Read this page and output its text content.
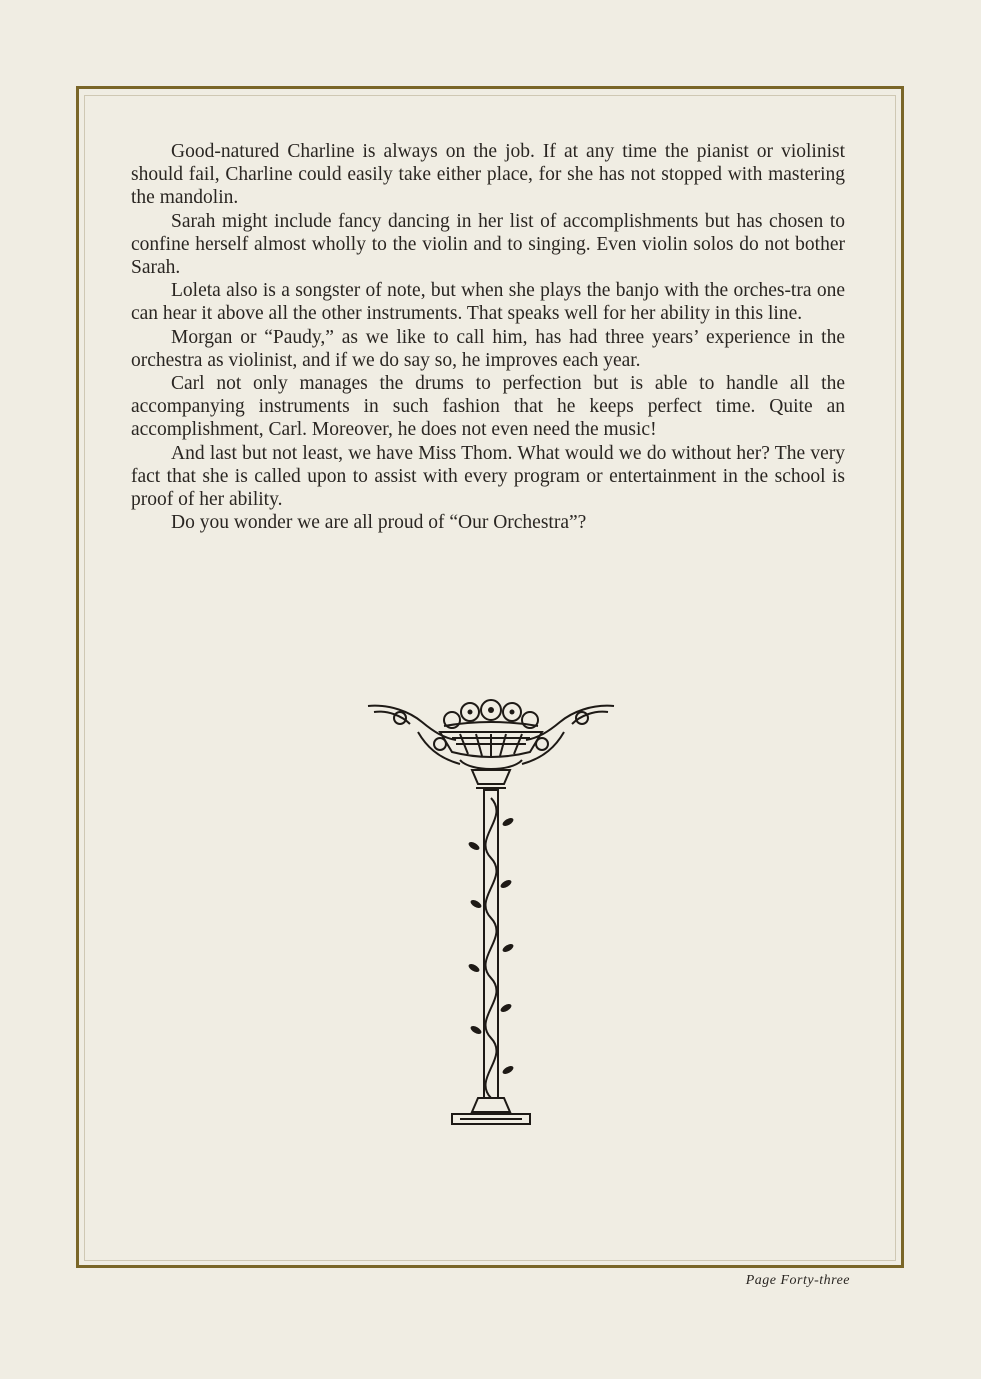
Good-natured Charline is always on the job. If at any time the pianist or violinist should fail, Charline could easily take either place, for she has not stopped with mastering the mandolin.

Sarah might include fancy dancing in her list of accomplishments but has chosen to confine herself almost wholly to the violin and to singing. Even violin solos do not bother Sarah.

Loleta also is a songster of note, but when she plays the banjo with the orches-tra one can hear it above all the other instruments. That speaks well for her ability in this line.

Morgan or “Paudy,” as we like to call him, has had three years’ experience in the orchestra as violinist, and if we do say so, he improves each year.

Carl not only manages the drums to perfection but is able to handle all the accompanying instruments in such fashion that he keeps perfect time. Quite an accomplishment, Carl. Moreover, he does not even need the music!

And last but not least, we have Miss Thom. What would we do without her? The very fact that she is called upon to assist with every program or entertainment in the school is proof of her ability.

Do you wonder we are all proud of “Our Orchestra”?

Page Forty-three
